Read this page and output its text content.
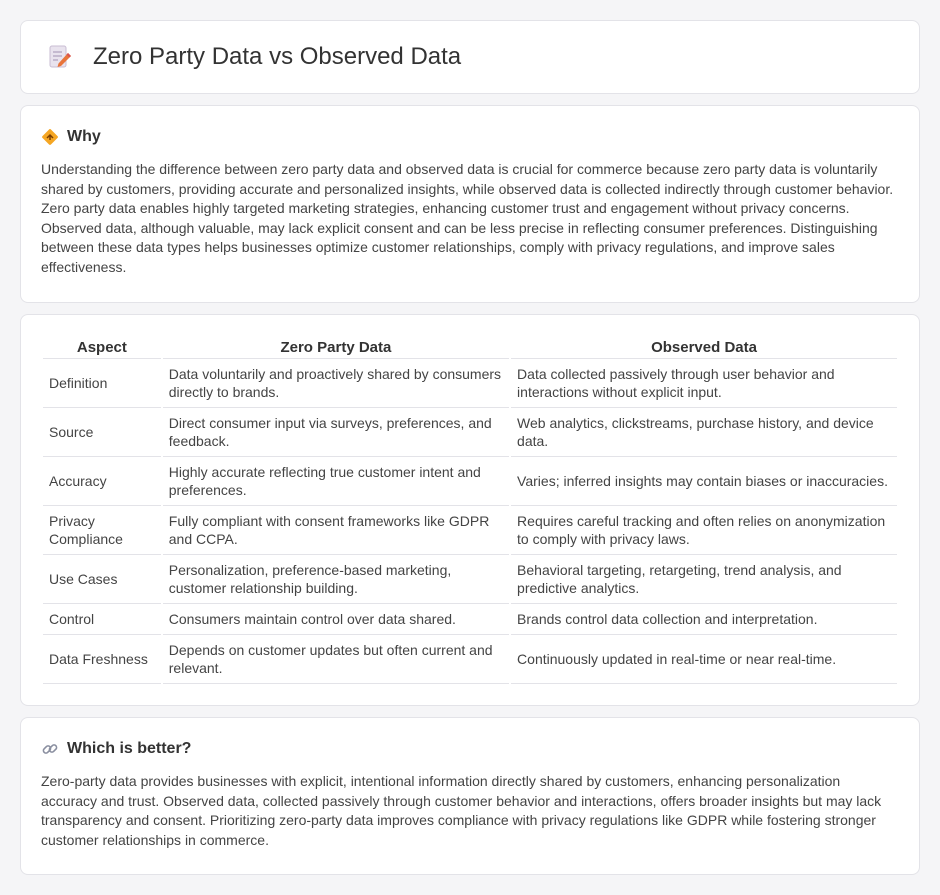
Zero Party Data vs Observed Data
Why

Understanding the difference between zero party data and observed data is crucial for commerce because zero party data is voluntarily shared by customers, providing accurate and personalized insights, while observed data is collected indirectly through customer behavior. Zero party data enables highly targeted marketing strategies, enhancing customer trust and engagement without privacy concerns. Observed data, although valuable, may lack explicit consent and can be less precise in reflecting consumer preferences. Distinguishing between these data types helps businesses optimize customer relationships, comply with privacy regulations, and improve sales effectiveness.

Aspect	Zero Party Data	Observed Data
Definition	Data voluntarily and proactively shared by consumers directly to brands.	Data collected passively through user behavior and interactions without explicit input.
Source	Direct consumer input via surveys, preferences, and feedback.	Web analytics, clickstreams, purchase history, and device data.
Accuracy	Highly accurate reflecting true customer intent and preferences.	Varies; inferred insights may contain biases or inaccuracies.
Privacy Compliance	Fully compliant with consent frameworks like GDPR and CCPA.	Requires careful tracking and often relies on anonymization to comply with privacy laws.
Use Cases	Personalization, preference-based marketing, customer relationship building.	Behavioral targeting, retargeting, trend analysis, and predictive analytics.
Control	Consumers maintain control over data shared.	Brands control data collection and interpretation.
Data Freshness	Depends on customer updates but often current and relevant.	Continuously updated in real-time or near real-time.
Which is better?

Zero-party data provides businesses with explicit, intentional information directly shared by customers, enhancing personalization accuracy and trust. Observed data, collected passively through customer behavior and interactions, offers broader insights but may lack transparency and consent. Prioritizing zero-party data improves compliance with privacy regulations like GDPR while fostering stronger customer relationships in commerce.
